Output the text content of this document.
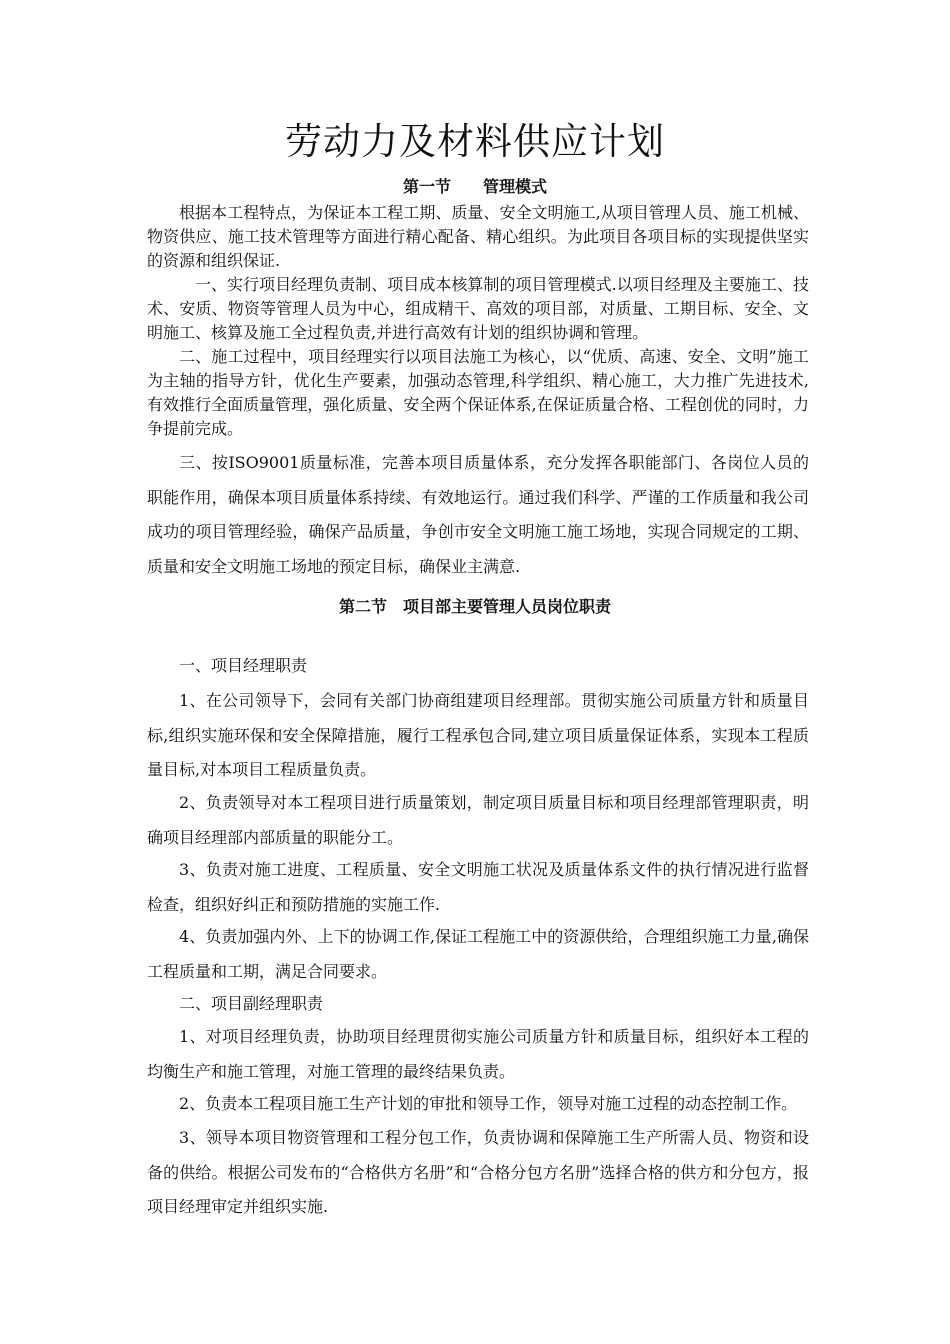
劳动力及材料供应计划
第一节　　管理模式

根据本工程特点，为保证本工程工期、质量、安全文明施工,从项目管理人员、施工机械、物资供应、施工技术管理等方面进行精心配备、精心组织。为此项目各项目标的实现提供坚实的资源和组织保证.

一、实行项目经理负责制、项目成本核算制的项目管理模式.以项目经理及主要施工、技术、安质、物资等管理人员为中心，组成精干、高效的项目部，对质量、工期目标、安全、文明施工、核算及施工全过程负责,并进行高效有计划的组织协调和管理。

二、施工过程中，项目经理实行以项目法施工为核心，以“优质、高速、安全、文明”施工为主轴的指导方针，优化生产要素，加强动态管理,科学组织、精心施工，大力推广先进技术,有效推行全面质量管理，强化质量、安全两个保证体系,在保证质量合格、工程创优的同时，力争提前完成。

三、按ISO9001质量标准，完善本项目质量体系，充分发挥各职能部门、各岗位人员的职能作用，确保本项目质量体系持续、有效地运行。通过我们科学、严谨的工作质量和我公司成功的项目管理经验，确保产品质量，争创市安全文明施工施工场地，实现合同规定的工期、质量和安全文明施工场地的预定目标，确保业主满意.

第二节　项目部主要管理人员岗位职责

一、项目经理职责

1、在公司领导下，会同有关部门协商组建项目经理部。贯彻实施公司质量方针和质量目标,组织实施环保和安全保障措施，履行工程承包合同,建立项目质量保证体系，实现本工程质量目标,对本项目工程质量负责。

2、负责领导对本工程项目进行质量策划，制定项目质量目标和项目经理部管理职责，明确项目经理部内部质量的职能分工。

3、负责对施工进度、工程质量、安全文明施工状况及质量体系文件的执行情况进行监督检查，组织好纠正和预防措施的实施工作.

4、负责加强内外、上下的协调工作,保证工程施工中的资源供给，合理组织施工力量,确保工程质量和工期，满足合同要求。

二、项目副经理职责

1、对项目经理负责，协助项目经理贯彻实施公司质量方针和质量目标，组织好本工程的均衡生产和施工管理，对施工管理的最终结果负责。

2、负责本工程项目施工生产计划的审批和领导工作，领导对施工过程的动态控制工作。

3、领导本项目物资管理和工程分包工作，负责协调和保障施工生产所需人员、物资和设备的供给。根据公司发布的“合格供方名册”和“合格分包方名册”选择合格的供方和分包方，报项目经理审定并组织实施.
